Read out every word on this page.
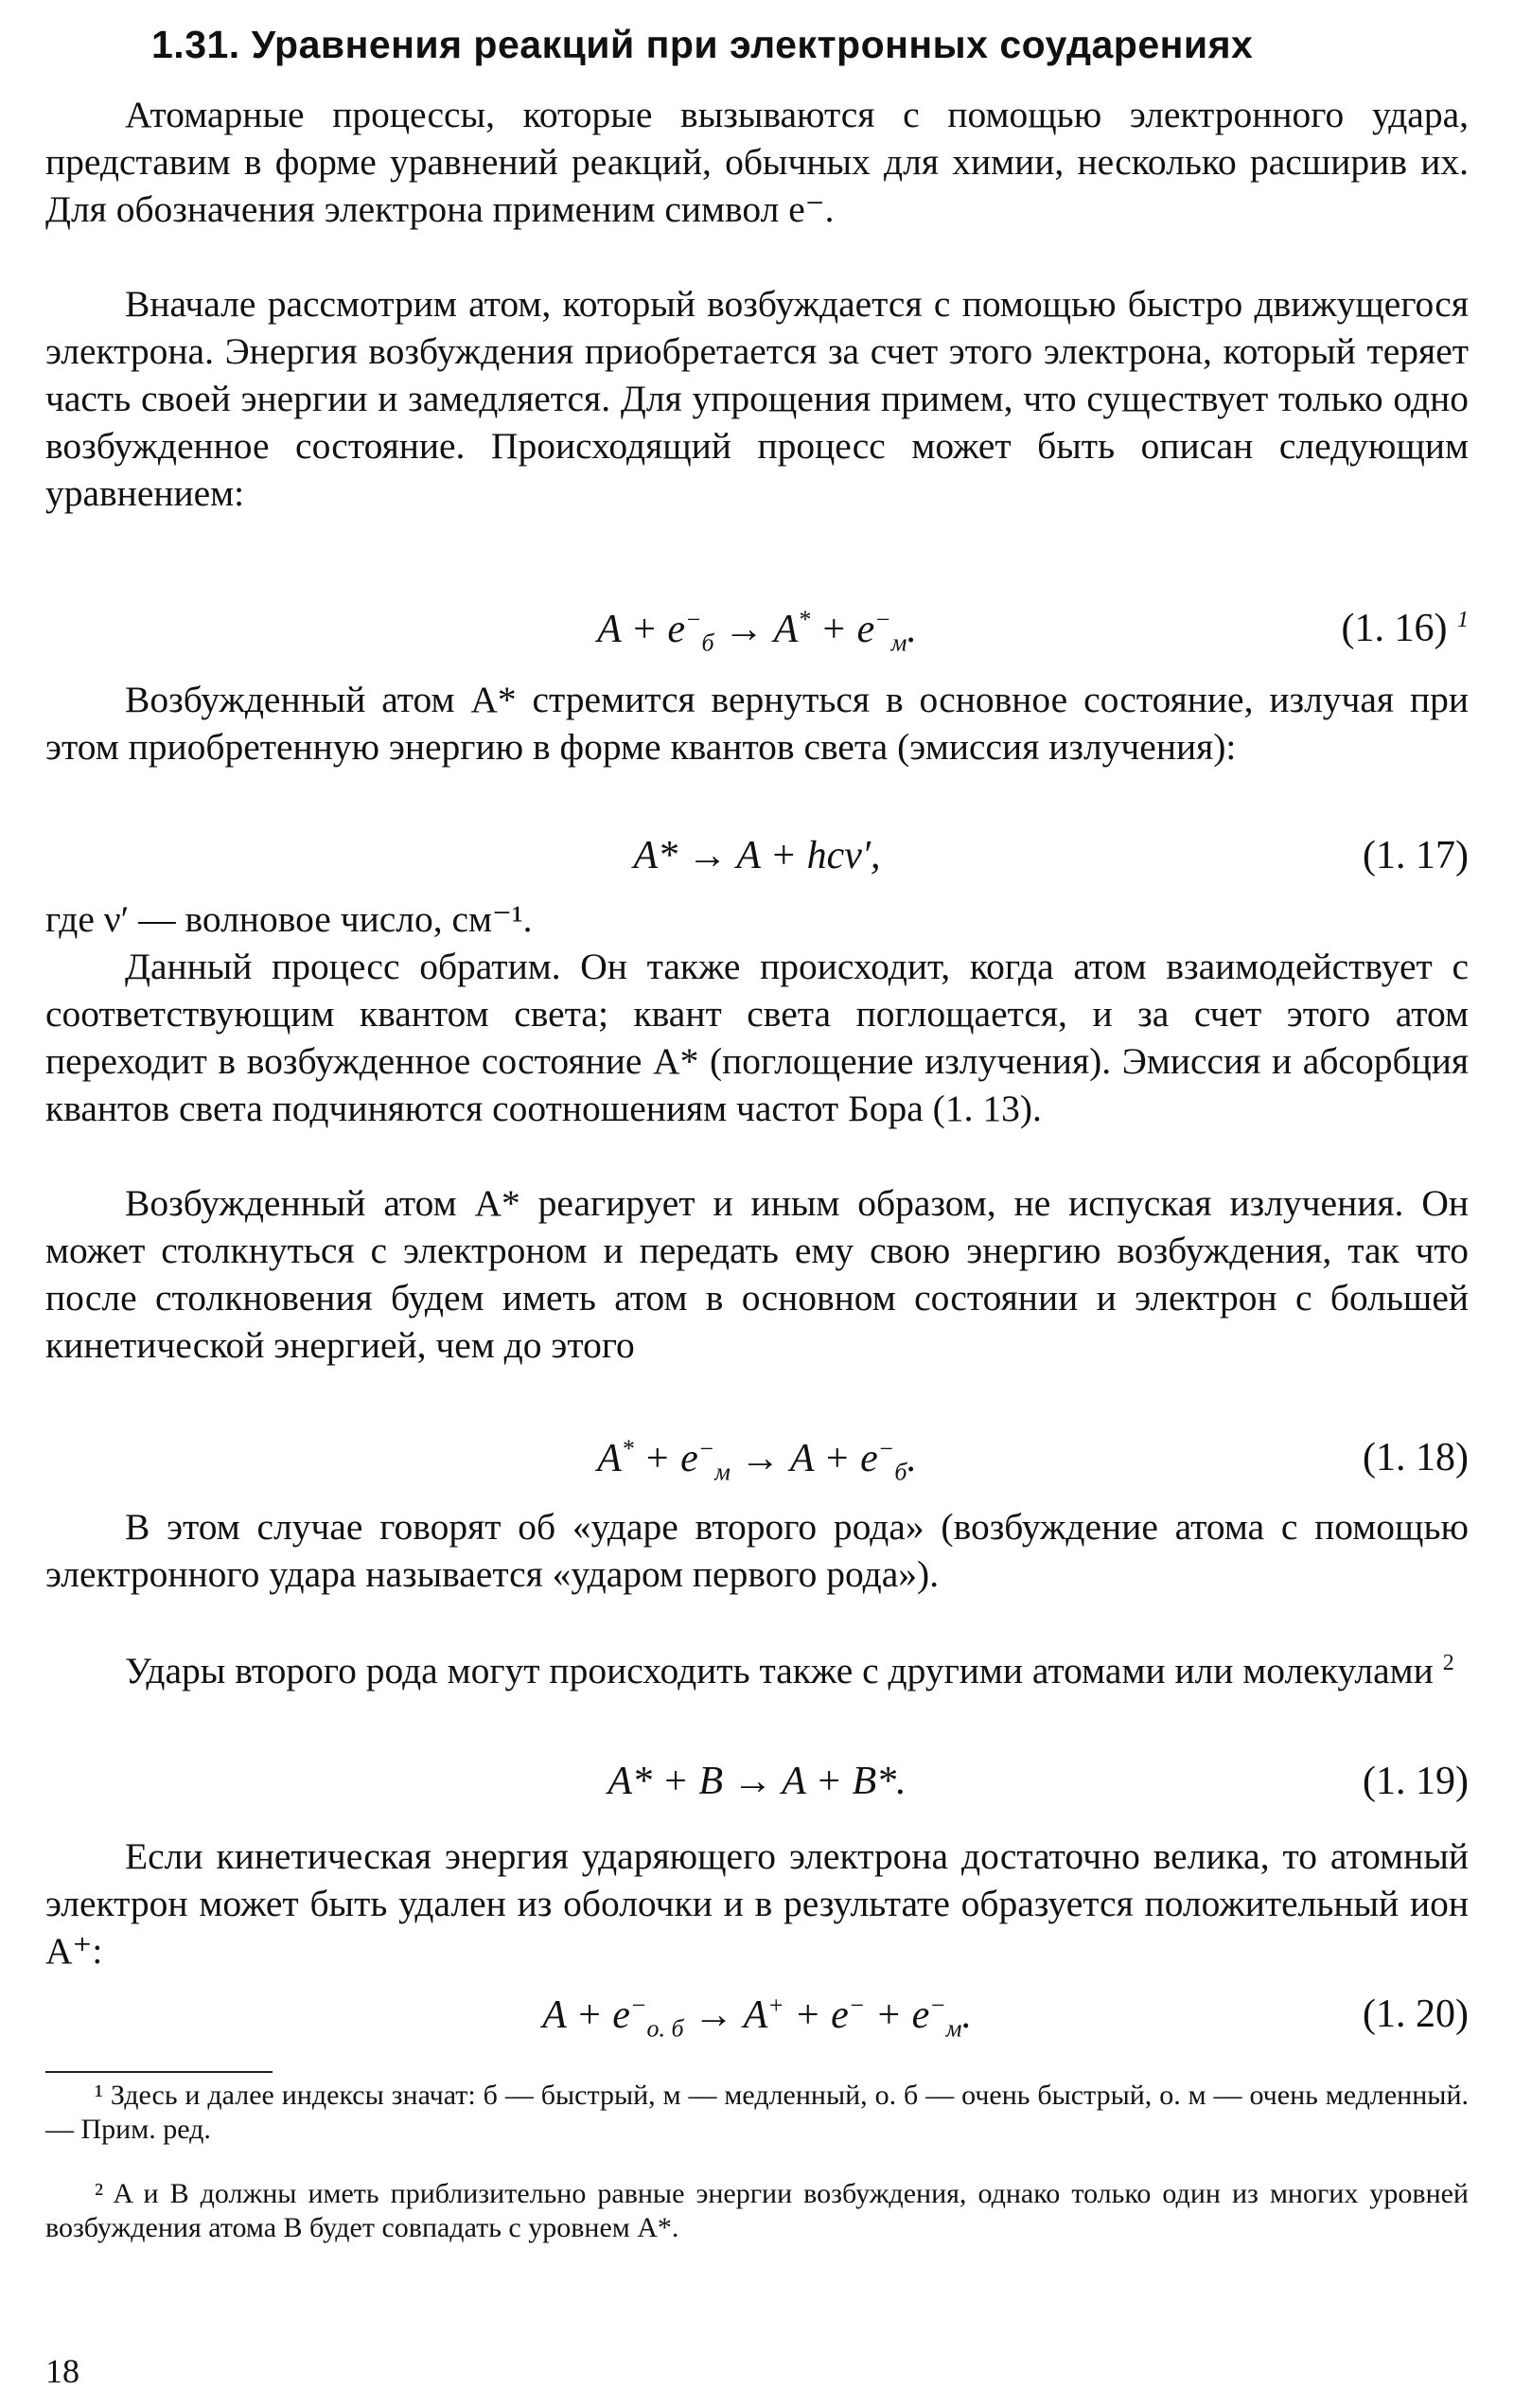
1.31. Уравнения реакций при электронных соударениях

Атомарные процессы, которые вызываются с помощью электронного удара, представим в форме уравнений реакций, обычных для химии, несколько расширив их. Для обозначения электрона применим символ e⁻.

Вначале рассмотрим атом, который возбуждается с помощью быстро движущегося электрона. Энергия возбуждения приобретается за счет этого электрона, который теряет часть своей энергии и замедляется. Для упрощения примем, что существует только одно возбужденное состояние. Происходящий процесс может быть описан следующим уравнением:

$A + e^-_б \to A^* + e^-_м$.	(1. 16) $^1$

Возбужденный атом A* стремится вернуться в основное состояние, излучая при этом приобретенную энергию в форме квантов света (эмиссия излучения):

A* → A + hcν′,	(1. 17)

где ν′ — волновое число, см⁻¹.

Данный процесс обратим. Он также происходит, когда атом взаимодействует с соответствующим квантом света; квант света поглощается, и за счет этого атом переходит в возбужденное состояние A* (поглощение излучения). Эмиссия и абсорбция квантов света подчиняются соотношениям частот Бора (1. 13).

Возбужденный атом A* реагирует и иным образом, не испуская излучения. Он может столкнуться с электроном и передать ему свою энергию возбуждения, так что после столкновения будем иметь атом в основном состоянии и электрон с большей кинетической энергией, чем до этого

$A^* + e^-_м \to A + e^-_б$.	(1. 18)

В этом случае говорят об «ударе второго рода» (возбуждение атома с помощью электронного удара называется «ударом первого рода»).

Удары второго рода могут происходить также с другими атомами или молекулами $^2$

A* + B → A + B*.	(1. 19)

Если кинетическая энергия ударяющего электрона достаточно велика, то атомный электрон может быть удален из оболочки и в результате образуется положительный ион A⁺:

$A + e^-_{о. б} \to A^+ + e^- + e^-_м$.	(1. 20)

¹ Здесь и далее индексы значат: б — быстрый, м — медленный, о. б — очень быстрый, о. м — очень медленный. — Прим. ред.

² A и B должны иметь приблизительно равные энергии возбуждения, однако только один из многих уровней возбуждения атома B будет совпадать с уровнем A*.

18
